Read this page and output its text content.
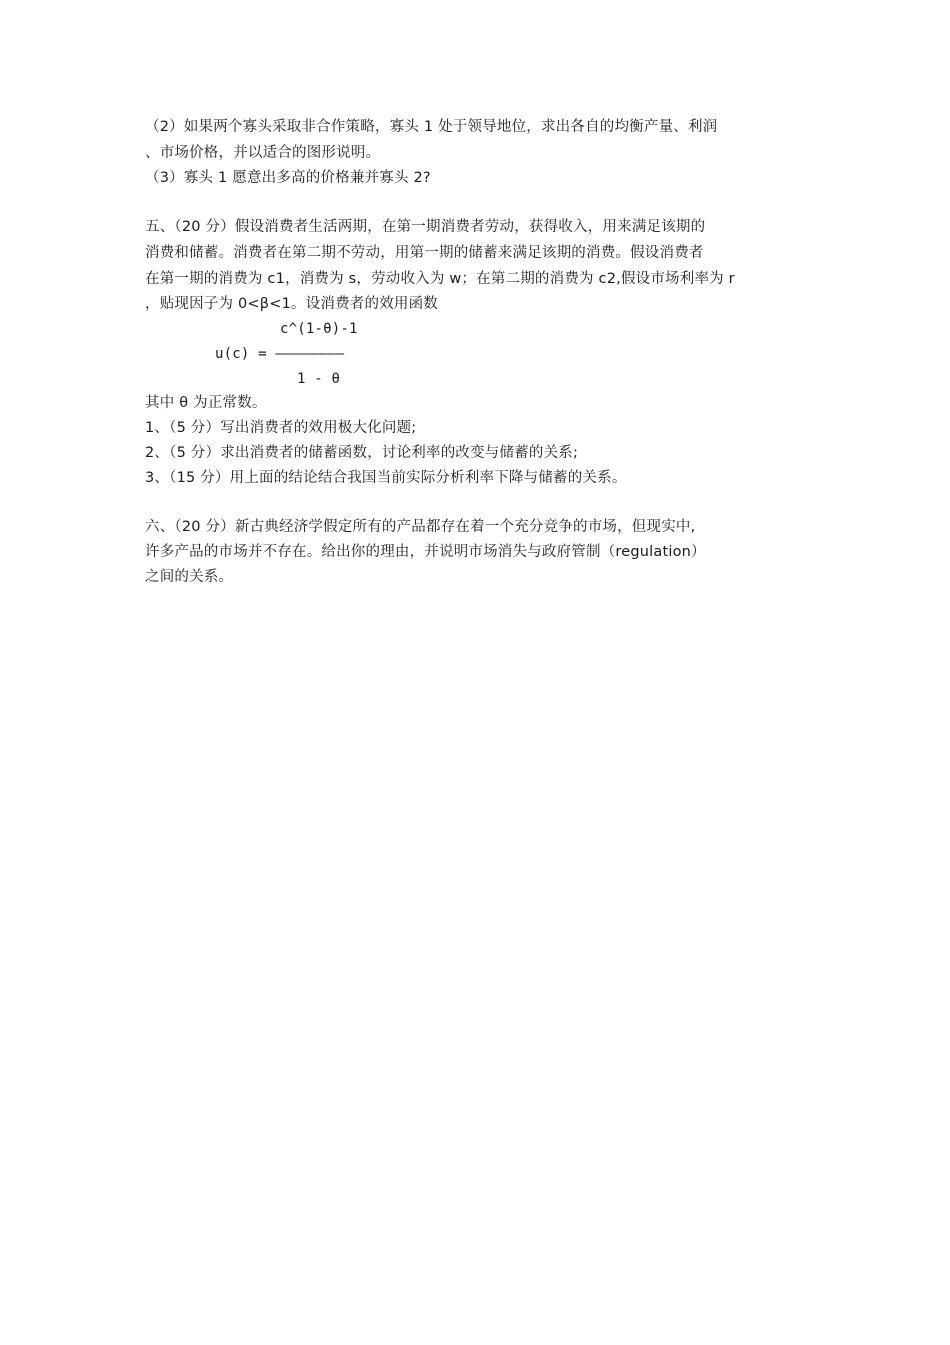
（2）如果两个寡头采取非合作策略，寡头 1 处于领导地位，求出各自的均衡产量、利润
、市场价格，并以适合的图形说明。
（3）寡头 1 愿意出多高的价格兼并寡头 2?
五、（20 分）假设消费者生活两期，在第一期消费者劳动，获得收入，用来满足该期的
消费和储蓄。消费者在第二期不劳动，用第一期的储蓄来满足该期的消费。假设消费者
在第一期的消费为 c1，消费为 s，劳动收入为 w；在第二期的消费为 c2,假设市场利率为 r
，贴现因子为 0<β<1。设消费者的效用函数
c^(1-θ)-1
u(c) = ————————
1 - θ
其中 θ 为正常数。
1、（5 分）写出消费者的效用极大化问题;
2、（5 分）求出消费者的储蓄函数，讨论利率的改变与储蓄的关系;
3、（15 分）用上面的结论结合我国当前实际分析利率下降与储蓄的关系。
六、（20 分）新古典经济学假定所有的产品都存在着一个充分竞争的市场，但现实中,
许多产品的市场并不存在。给出你的理由，并说明市场消失与政府管制（regulation）
之间的关系。
